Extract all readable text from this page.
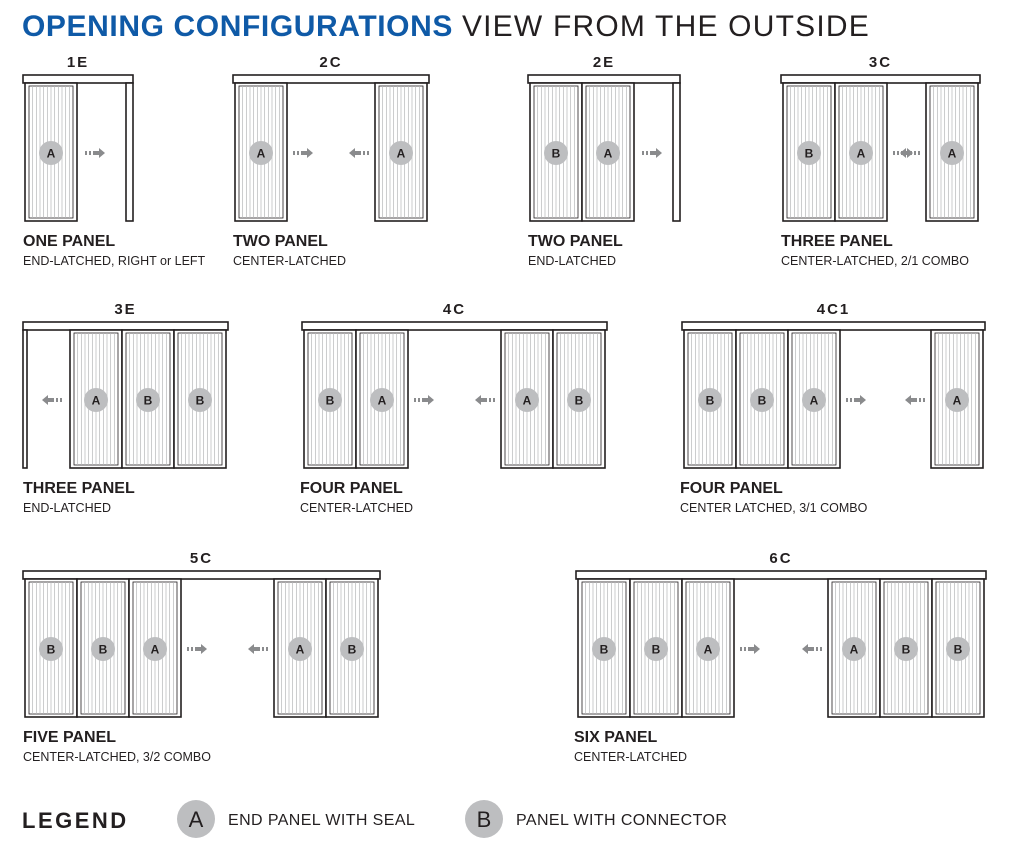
OPENING CONFIGURATIONS VIEW FROM THE OUTSIDE
1E
A
ONE PANEL
END-LATCHED, RIGHT or LEFT
2C
A	A
TWO PANEL
CENTER-LATCHED
2E
B	A
TWO PANEL
END-LATCHED
3C
B	A	A
THREE PANEL
CENTER-LATCHED, 2/1 COMBO
3E
A	B	B
THREE PANEL
END-LATCHED
4C
B	A	A	B
FOUR PANEL
CENTER-LATCHED
4C1
B	B	A	A
FOUR PANEL
CENTER LATCHED, 3/1 COMBO
5C
B	B	A	A	B
FIVE PANEL
CENTER-LATCHED, 3/2 COMBO
6C
B	B	A	A	B	B
SIX PANEL
CENTER-LATCHED
LEGEND	A END PANEL WITH SEAL	B PANEL WITH CONNECTOR
